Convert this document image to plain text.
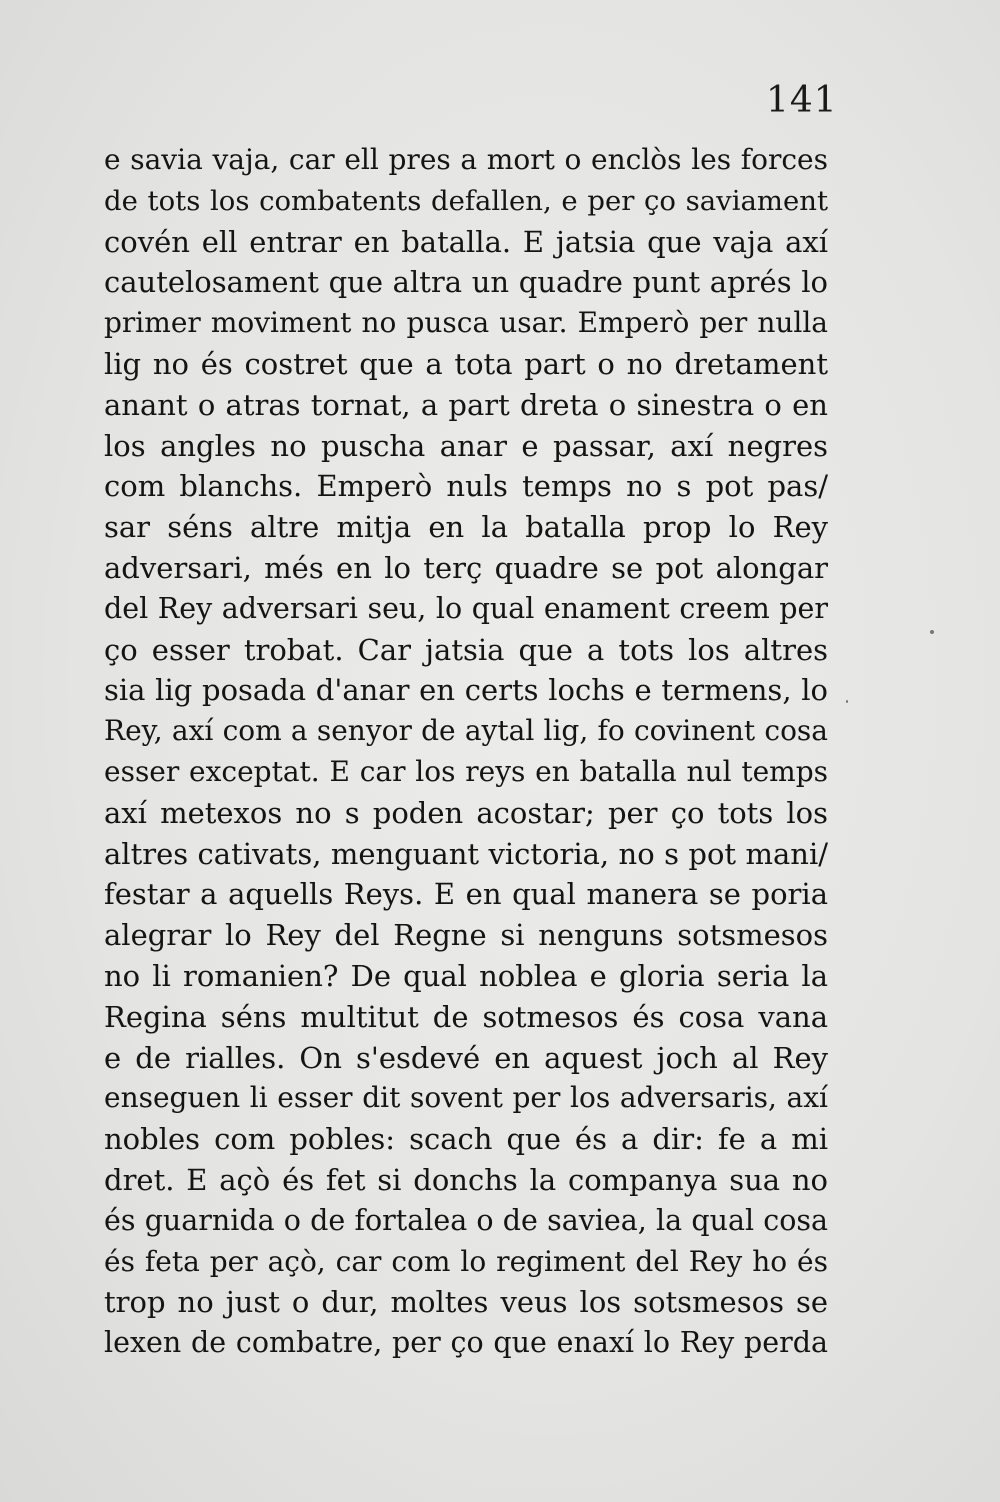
141
e savia vaja, car ell pres a mort o enclòs les forces
de tots los combatents defallen, e per ço saviament
covén ell entrar en batalla. E jatsia que vaja axí
cautelosament que altra un quadre punt aprés lo
primer moviment no pusca usar. Emperò per nulla
lig no és costret que a tota part o no dretament
anant o atras tornat, a part dreta o sinestra o en
los angles no puscha anar e passar, axí negres
com blanchs. Emperò nuls temps no s pot pas/
sar séns altre mitja en la batalla prop lo Rey
adversari, més en lo terç quadre se pot alongar
del Rey adversari seu, lo qual enament creem per
ço esser trobat. Car jatsia que a tots los altres
sia lig posada d'anar en certs lochs e termens, lo
Rey, axí com a senyor de aytal lig, fo covinent cosa
esser exceptat. E car los reys en batalla nul temps
axí metexos no s poden acostar; per ço tots los
altres cativats, menguant victoria, no s pot mani/
festar a aquells Reys. E en qual manera se poria
alegrar lo Rey del Regne si nenguns sotsmesos
no li romanien? De qual noblea e gloria seria la
Regina séns multitut de sotmesos és cosa vana
e de rialles. On s'esdevé en aquest joch al Rey
enseguen li esser dit sovent per los adversaris, axí
nobles com pobles: scach que és a dir: fe a mi
dret. E açò és fet si donchs la companya sua no
és guarnida o de fortalea o de saviea, la qual cosa
és feta per açò, car com lo regiment del Rey ho és
trop no just o dur, moltes veus los sotsmesos se
lexen de combatre, per ço que enaxí lo Rey perda
